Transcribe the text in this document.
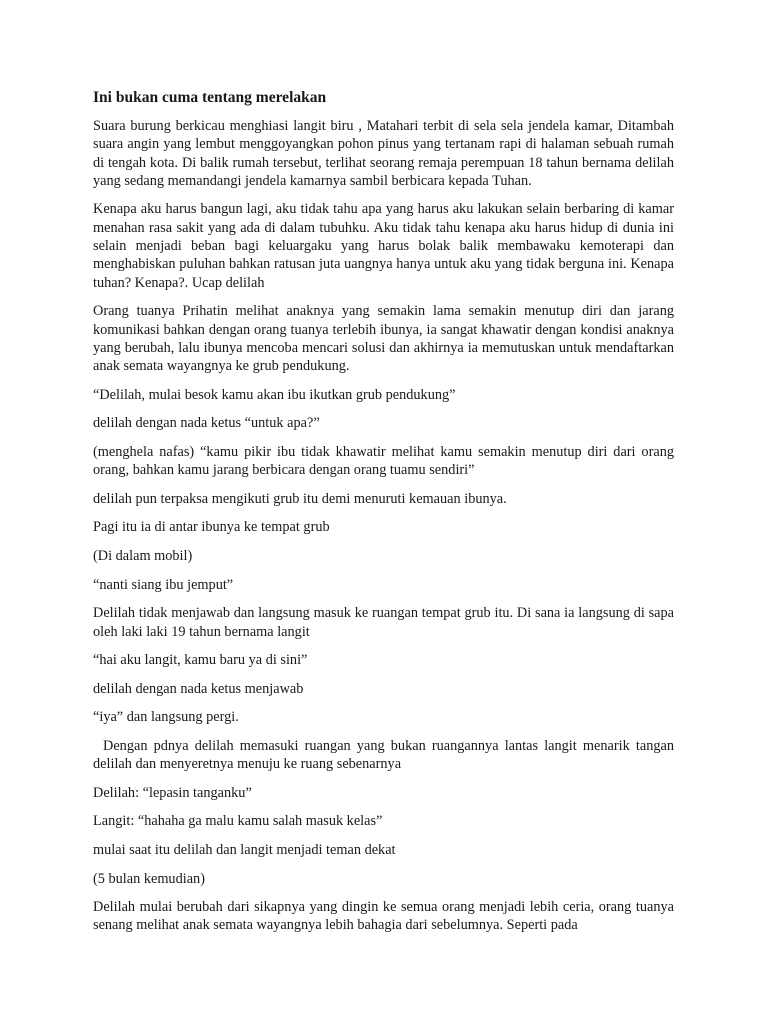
Ini bukan cuma tentang merelakan

Suara burung berkicau menghiasi langit biru , Matahari terbit di sela sela jendela kamar, Ditambah suara angin yang lembut menggoyangkan pohon pinus yang tertanam rapi di halaman sebuah rumah di tengah kota. Di balik rumah tersebut, terlihat seorang remaja perempuan 18 tahun bernama delilah yang sedang memandangi jendela kamarnya sambil berbicara kepada Tuhan.

Kenapa aku harus bangun lagi, aku tidak tahu apa yang harus aku lakukan selain berbaring di kamar menahan rasa sakit yang ada di dalam tubuhku. Aku tidak tahu kenapa aku harus hidup di dunia ini selain menjadi beban bagi keluargaku yang harus bolak balik membawaku kemoterapi dan menghabiskan puluhan bahkan ratusan juta uangnya hanya untuk aku yang tidak berguna ini. Kenapa tuhan? Kenapa?. Ucap delilah

Orang tuanya Prihatin melihat anaknya yang semakin lama semakin menutup diri dan jarang komunikasi bahkan dengan orang tuanya terlebih ibunya, ia sangat khawatir dengan kondisi anaknya yang berubah, lalu ibunya mencoba mencari solusi dan akhirnya ia memutuskan untuk mendaftarkan anak semata wayangnya ke grub pendukung.

“Delilah, mulai besok kamu akan ibu ikutkan grub pendukung”

delilah dengan nada ketus “untuk apa?”

(menghela nafas) “kamu pikir ibu tidak khawatir melihat kamu semakin menutup diri dari orang orang, bahkan kamu jarang berbicara dengan orang tuamu sendiri”

delilah pun terpaksa mengikuti grub itu demi menuruti kemauan ibunya.

Pagi itu ia di antar ibunya ke tempat grub

(Di dalam mobil)

“nanti siang ibu jemput”

Delilah tidak menjawab dan langsung masuk ke ruangan tempat grub itu. Di sana ia langsung di sapa oleh laki laki 19 tahun bernama langit

“hai aku langit, kamu baru ya di sini”

delilah dengan nada ketus menjawab

“iya” dan langsung pergi.

Dengan pdnya delilah memasuki ruangan yang bukan ruangannya lantas langit menarik tangan delilah dan menyeretnya menuju ke ruang sebenarnya

Delilah: “lepasin tanganku”

Langit: “hahaha ga malu kamu salah masuk kelas”

mulai saat itu delilah dan langit menjadi teman dekat

(5 bulan kemudian)

Delilah mulai berubah dari sikapnya yang dingin ke semua orang menjadi lebih ceria, orang tuanya senang melihat anak semata wayangnya lebih bahagia dari sebelumnya. Seperti pada
